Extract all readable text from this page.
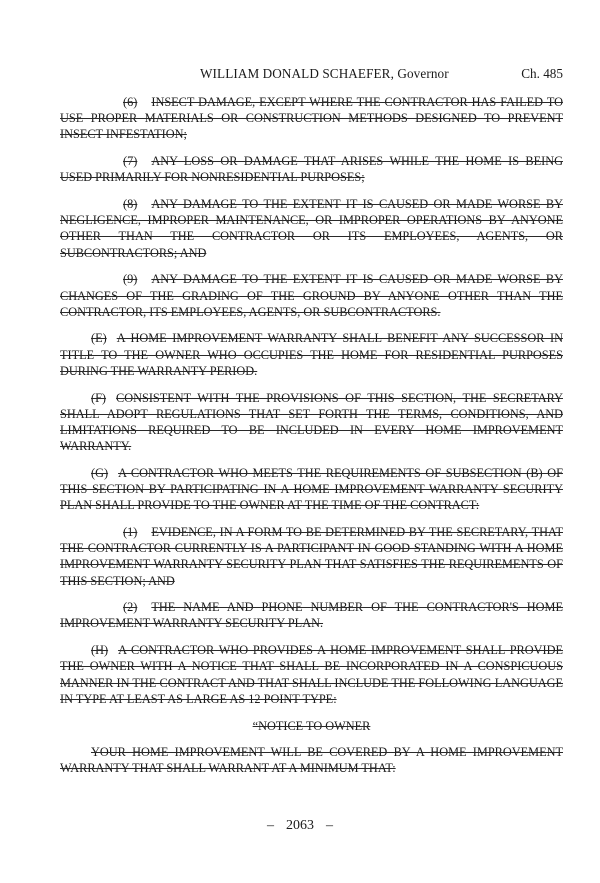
WILLIAM DONALD SCHAEFER, Governor	Ch. 485

(6) INSECT DAMAGE, EXCEPT WHERE THE CONTRACTOR HAS FAILED TO USE PROPER MATERIALS OR CONSTRUCTION METHODS DESIGNED TO PREVENT INSECT INFESTATION;

(7) ANY LOSS OR DAMAGE THAT ARISES WHILE THE HOME IS BEING USED PRIMARILY FOR NONRESIDENTIAL PURPOSES;

(8) ANY DAMAGE TO THE EXTENT IT IS CAUSED OR MADE WORSE BY NEGLIGENCE, IMPROPER MAINTENANCE, OR IMPROPER OPERATIONS BY ANYONE OTHER THAN THE CONTRACTOR OR ITS EMPLOYEES, AGENTS, OR SUBCONTRACTORS; AND

(9) ANY DAMAGE TO THE EXTENT IT IS CAUSED OR MADE WORSE BY CHANGES OF THE GRADING OF THE GROUND BY ANYONE OTHER THAN THE CONTRACTOR, ITS EMPLOYEES, AGENTS, OR SUBCONTRACTORS.

(E) A HOME IMPROVEMENT WARRANTY SHALL BENEFIT ANY SUCCESSOR IN TITLE TO THE OWNER WHO OCCUPIES THE HOME FOR RESIDENTIAL PURPOSES DURING THE WARRANTY PERIOD.

(F) CONSISTENT WITH THE PROVISIONS OF THIS SECTION, THE SECRETARY SHALL ADOPT REGULATIONS THAT SET FORTH THE TERMS, CONDITIONS, AND LIMITATIONS REQUIRED TO BE INCLUDED IN EVERY HOME IMPROVEMENT WARRANTY.

(G) A CONTRACTOR WHO MEETS THE REQUIREMENTS OF SUBSECTION (B) OF THIS SECTION BY PARTICIPATING IN A HOME IMPROVEMENT WARRANTY SECURITY PLAN SHALL PROVIDE TO THE OWNER AT THE TIME OF THE CONTRACT:

(1) EVIDENCE, IN A FORM TO BE DETERMINED BY THE SECRETARY, THAT THE CONTRACTOR CURRENTLY IS A PARTICIPANT IN GOOD STANDING WITH A HOME IMPROVEMENT WARRANTY SECURITY PLAN THAT SATISFIES THE REQUIREMENTS OF THIS SECTION; AND

(2) THE NAME AND PHONE NUMBER OF THE CONTRACTOR'S HOME IMPROVEMENT WARRANTY SECURITY PLAN.

(H) A CONTRACTOR WHO PROVIDES A HOME IMPROVEMENT SHALL PROVIDE THE OWNER WITH A NOTICE THAT SHALL BE INCORPORATED IN A CONSPICUOUS MANNER IN THE CONTRACT AND THAT SHALL INCLUDE THE FOLLOWING LANGUAGE IN TYPE AT LEAST AS LARGE AS 12 POINT TYPE:

“NOTICE TO OWNER

YOUR HOME IMPROVEMENT WILL BE COVERED BY A HOME IMPROVEMENT WARRANTY THAT SHALL WARRANT AT A MINIMUM THAT:

– 2063 –
